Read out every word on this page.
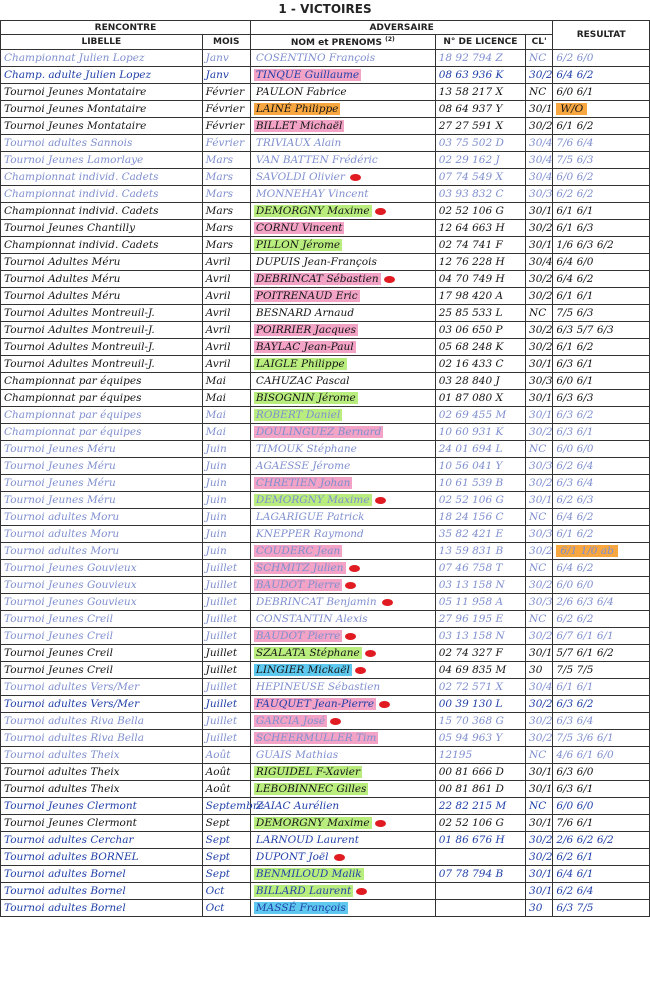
1 - VICTOIRES
RENCONTRE		ADVERSAIRE			RESULTAT
LIBELLE	MOIS	NOM et PRENOMS $^{(2)}$	N° DE LICENCE	CL'	
Championnat Julien Lopez	Janv	COSENTINO François	18 92 794 Z	NC	6/2 6/0
Champ. adulte Julien Lopez	Janv	TINQUE Guillaume	08 63 936 K	30/2	6/4 6/2
Tournoi Jeunes Montataire	Février	PAULON Fabrice	13 58 217 X	NC	6/0 6/1
Tournoi Jeunes Montataire	Février	LAINÉ Philippe	08 64 937 Y	30/1	W/O
Tournoi Jeunes Montataire	Février	BILLET Michaël	27 27 591 X	30/2	6/1 6/2
Tournoi adultes Sannois	Février	TRIVIAUX Alain	03 75 502 D	30/4	7/6 6/4
Tournoi Jeunes Lamorlaye	Mars	VAN BATTEN Frédéric	02 29 162 J	30/4	7/5 6/3
Championnat individ. Cadets	Mars	SAVOLDI Olivier	07 74 549 X	30/4	6/0 6/2
Championnat individ. Cadets	Mars	MONNEHAY Vincent	03 93 832 C	30/3	6/2 6/2
Championnat individ. Cadets	Mars	DEMORGNY Maxime	02 52 106 G	30/1	6/1 6/1
Tournoi Jeunes Chantilly	Mars	CORNU Vincent	12 64 663 H	30/2	6/1 6/3
Championnat individ. Cadets	Mars	PILLON Jérome	02 74 741 F	30/1	1/6 6/3 6/2
Tournoi Adultes Méru	Avril	DUPUIS Jean-François	12 76 228 H	30/4	6/4 6/0
Tournoi Adultes Méru	Avril	DEBRINCAT Sébastien	04 70 749 H	30/2	6/4 6/2
Tournoi Adultes Méru	Avril	POITRENAUD Eric	17 98 420 A	30/2	6/1 6/1
Tournoi Adultes Montreuil-J.	Avril	BESNARD Arnaud	25 85 533 L	NC	7/5 6/3
Tournoi Adultes Montreuil-J.	Avril	POIRRIER Jacques	03 06 650 P	30/2	6/3 5/7 6/3
Tournoi Adultes Montreuil-J.	Avril	BAYLAC Jean-Paul	05 68 248 K	30/2	6/1 6/2
Tournoi Adultes Montreuil-J.	Avril	LAIGLE Philippe	02 16 433 C	30/1	6/3 6/1
Championnat par équipes	Mai	CAHUZAC Pascal	03 28 840 J	30/3	6/0 6/1
Championnat par équipes	Mai	BISOGNIN Jérome	01 87 080 X	30/1	6/3 6/3
Championnat par équipes	Mai	ROBERT Daniel	02 69 455 M	30/1	6/3 6/2
Championnat par équipes	Mai	DOULINGUEZ Bernard	10 60 931 K	30/2	6/3 6/1
Tournoi Jeunes Méru	Juin	TIMOUK Stéphane	24 01 694 L	NC	6/0 6/0
Tournoi Jeunes Méru	Juin	AGAESSE Jérome	10 56 041 Y	30/3	6/2 6/4
Tournoi Jeunes Méru	Juin	CHRETIEN Johan	10 61 539 B	30/2	6/3 6/4
Tournoi Jeunes Méru	Juin	DEMORGNY Maxime	02 52 106 G	30/1	6/2 6/3
Tournoi adultes Moru	Juin	LAGARIGUE Patrick	18 24 156 C	NC	6/4 6/2
Tournoi adultes Moru	Juin	KNEPPER Raymond	35 82 421 E	30/3	6/1 6/2
Tournoi adultes Moru	Juin	COUDERC Jean	13 59 831 B	30/2	6/1 1/0 ab
Tournoi Jeunes Gouvieux	Juillet	SCHMITZ Julien	07 46 758 T	NC	6/4 6/2
Tournoi Jeunes Gouvieux	Juillet	BAUDOT Pierre	03 13 158 N	30/2	6/0 6/0
Tournoi Jeunes Gouvieux	Juillet	DEBRINCAT Benjamin	05 11 958 A	30/3	2/6 6/3 6/4
Tournoi Jeunes Creil	Juillet	CONSTANTIN Alexis	27 96 195 E	NC	6/2 6/2
Tournoi Jeunes Creil	Juillet	BAUDOT Pierre	03 13 158 N	30/2	6/7 6/1 6/1
Tournoi Jeunes Creil	Juillet	SZALATA Stéphane	02 74 327 F	30/1	5/7 6/1 6/2
Tournoi Jeunes Creil	Juillet	LINGIER Mickaël	04 69 835 M	30	7/5 7/5
Tournoi adultes Vers/Mer	Juillet	HEPINEUSE Sébastien	02 72 571 X	30/4	6/1 6/1
Tournoi adultes Vers/Mer	Juillet	FAUQUET Jean-Pierre	00 39 130 L	30/2	6/3 6/2
Tournoi adultes Riva Bella	Juillet	GARCIA José	15 70 368 G	30/2	6/3 6/4
Tournoi adultes Riva Bella	Juillet	SCHEERMULLER Tim	05 94 963 Y	30/2	7/5 3/6 6/1
Tournoi adultes Theix	Août	GUAIS Mathias	12195	NC	4/6 6/1 6/0
Tournoi adultes Theix	Août	RIGUIDEL F-Xavier	00 81 666 D	30/1	6/3 6/0
Tournoi adultes Theix	Août	LEBOBINNEC Gilles	00 81 861 D	30/1	6/3 6/1
Tournoi Jeunes Clermont	Septembre	ZAIAC Aurélien	22 82 215 M	NC	6/0 6/0
Tournoi Jeunes Clermont	Sept	DEMORGNY Maxime	02 52 106 G	30/1	7/6 6/1
Tournoi adultes Cerchar	Sept	LARNOUD Laurent	01 86 676 H	30/2	2/6 6/2 6/2
Tournoi adultes BORNEL	Sept	DUPONT Joël		30/2	6/2 6/1
Tournoi adultes Bornel	Sept	BENMILOUD Malik	07 78 794 B	30/1	6/4 6/1
Tournoi adultes Bornel	Oct	BILLARD Laurent		30/1	6/2 6/4
Tournoi adultes Bornel	Oct	MASSÉ François		30	6/3 7/5
